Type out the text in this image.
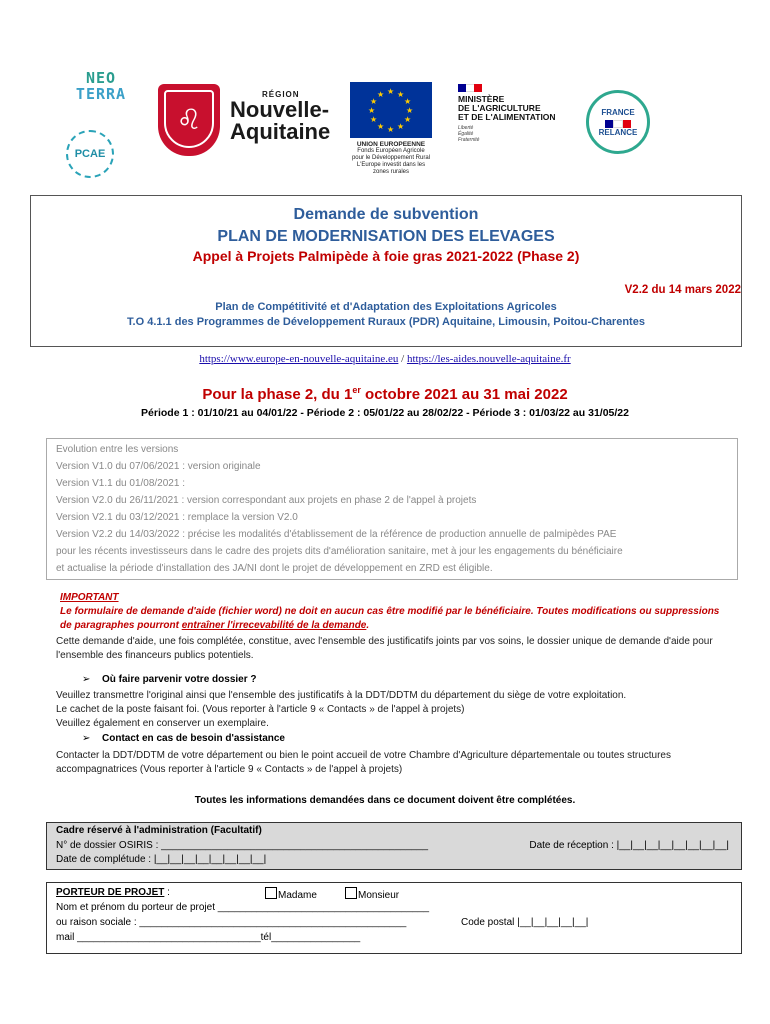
NEO
TERRA
PCAE
♌
RÉGION
Nouvelle-
Aquitaine
★ ★
★
★
★
★
★
★
★
★
★
★
UNION EUROPEENNE
Fonds Européen Agricole
pour le Développement Rural
L'Europe investit dans les
zones rurales
MINISTÈRE
DE L'AGRICULTURE
ET DE L'ALIMENTATION
Liberté
Égalité
Fraternité
FRANCE
RELANCE
Demande de subvention
PLAN DE MODERNISATION DES ELEVAGES
Appel à Projets Palmipède à foie gras 2021-2022 (Phase 2)
V2.2 du 14 mars 2022
Plan de Compétitivité et d'Adaptation des Exploitations Agricoles
T.O 4.1.1 des Programmes de Développement Ruraux (PDR) Aquitaine, Limousin, Poitou-Charentes
https://www.europe-en-nouvelle-aquitaine.eu / https://les-aides.nouvelle-aquitaine.fr
Pour la phase 2, du 1er octobre 2021 au 31 mai 2022
Période 1 : 01/10/21 au 04/01/22 - Période 2 : 05/01/22 au 28/02/22 - Période 3 : 01/03/22 au 31/05/22
Evolution entre les versions
Version V1.0 du 07/06/2021 : version originale
Version V1.1 du 01/08/2021 :
Version V2.0 du 26/11/2021 : version correspondant aux projets en phase 2 de l'appel à projets
Version V2.1 du 03/12/2021 : remplace la version V2.0
Version V2.2 du 14/03/2022 : précise les modalités d'établissement de la référence de production annuelle de palmipèdes PAE
pour les récents investisseurs dans le cadre des projets dits d'amélioration sanitaire, met à jour les engagements du bénéficiaire
et actualise la période d'installation des JA/NI dont le projet de développement en ZRD est éligible.
IMPORTANT
Le formulaire de demande d'aide (fichier word) ne doit en aucun cas être modifié par le bénéficiaire. Toutes modifications ou suppressions de paragraphes pourront entraîner l'irrecevabilité de la demande.
Cette demande d'aide, une fois complétée, constitue, avec l'ensemble des justificatifs joints par vos soins, le dossier unique de demande d'aide pour l'ensemble des financeurs publics potentiels.
➢ Où faire parvenir votre dossier ?
Veuillez transmettre l'original ainsi que l'ensemble des justificatifs à la DDT/DDTM du département du siège de votre exploitation.
Le cachet de la poste faisant foi. (Vous reporter à l'article 9 « Contacts » de l'appel à projets)
Veuillez également en conserver un exemplaire.
➢ Contact en cas de besoin d'assistance
Contacter la DDT/DDTM de votre département ou bien le point accueil de votre Chambre d'Agriculture départementale ou toutes structures accompagnatrices (Vous reporter à l'article 9 « Contacts » de l'appel à projets)
Toutes les informations demandées dans ce document doivent être complétées.
Cadre réservé à l'administration (Facultatif)
N° de dossier OSIRIS : ________________________________________________	Date de réception : |__|__|__|__|__|__|__|__|
Date de complétude : |__|__|__|__|__|__|__|__|
PORTEUR DE PROJET :	Madame	Monsieur
Nom et prénom du porteur de projet ______________________________________
ou raison sociale : ________________________________________________	Code postal |__|__|__|__|__|
mail _________________________________tél________________
